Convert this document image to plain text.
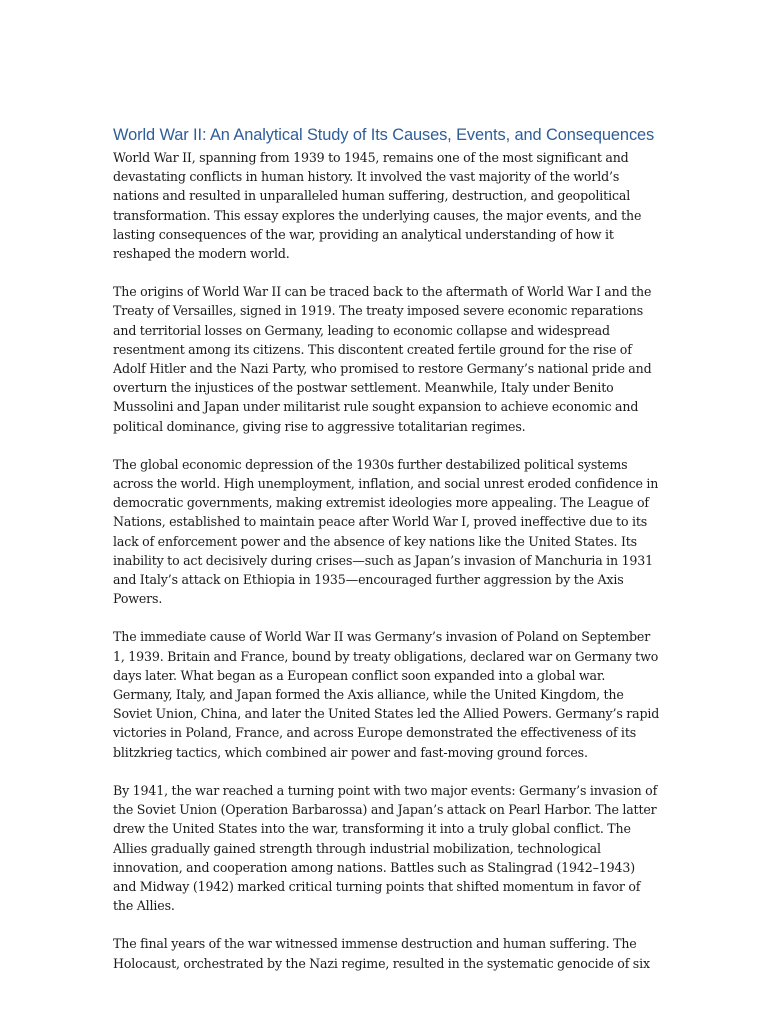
World War II: An Analytical Study of Its Causes, Events, and Consequences

World War II, spanning from 1939 to 1945, remains one of the most significant and devastating conflicts in human history. It involved the vast majority of the world’s nations and resulted in unparalleled human suffering, destruction, and geopolitical transformation. This essay explores the underlying causes, the major events, and the lasting consequences of the war, providing an analytical understanding of how it reshaped the modern world.

The origins of World War II can be traced back to the aftermath of World War I and the Treaty of Versailles, signed in 1919. The treaty imposed severe economic reparations and territorial losses on Germany, leading to economic collapse and widespread resentment among its citizens. This discontent created fertile ground for the rise of Adolf Hitler and the Nazi Party, who promised to restore Germany’s national pride and overturn the injustices of the postwar settlement. Meanwhile, Italy under Benito Mussolini and Japan under militarist rule sought expansion to achieve economic and political dominance, giving rise to aggressive totalitarian regimes.

The global economic depression of the 1930s further destabilized political systems across the world. High unemployment, inflation, and social unrest eroded confidence in democratic governments, making extremist ideologies more appealing. The League of Nations, established to maintain peace after World War I, proved ineffective due to its lack of enforcement power and the absence of key nations like the United States. Its inability to act decisively during crises—such as Japan’s invasion of Manchuria in 1931 and Italy’s attack on Ethiopia in 1935—encouraged further aggression by the Axis Powers.

The immediate cause of World War II was Germany’s invasion of Poland on September 1, 1939. Britain and France, bound by treaty obligations, declared war on Germany two days later. What began as a European conflict soon expanded into a global war. Germany, Italy, and Japan formed the Axis alliance, while the United Kingdom, the Soviet Union, China, and later the United States led the Allied Powers. Germany’s rapid victories in Poland, France, and across Europe demonstrated the effectiveness of its blitzkrieg tactics, which combined air power and fast-moving ground forces.

By 1941, the war reached a turning point with two major events: Germany’s invasion of the Soviet Union (Operation Barbarossa) and Japan’s attack on Pearl Harbor. The latter drew the United States into the war, transforming it into a truly global conflict. The Allies gradually gained strength through industrial mobilization, technological innovation, and cooperation among nations. Battles such as Stalingrad (1942–1943) and Midway (1942) marked critical turning points that shifted momentum in favor of the Allies.

The final years of the war witnessed immense destruction and human suffering. The Holocaust, orchestrated by the Nazi regime, resulted in the systematic genocide of six
